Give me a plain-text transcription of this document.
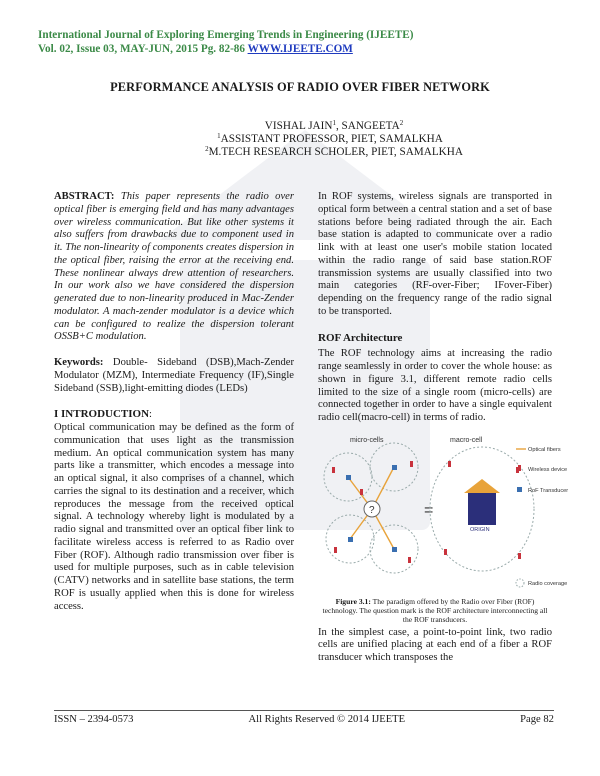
International Journal of Exploring Emerging Trends in Engineering (IJEETE)
Vol. 02, Issue 03, MAY-JUN, 2015 Pg. 82-86 WWW.IJEETE.COM
PERFORMANCE ANALYSIS OF RADIO OVER FIBER NETWORK
VISHAL JAIN$^1$, SANGEETA$^2$
$^1$ASSISTANT PROFESSOR, PIET, SAMALKHA
$^2$M.TECH RESEARCH SCHOLER, PIET, SAMALKHA

ABSTRACT: This paper represents the radio over optical fiber is emerging field and has many advantages over wireless communication. But like other systems it also suffers from drawbacks due to component used in it. The non-linearity of components creates dispersion in the optical fiber, raising the error at the receiving end. These nonlinear always drew attention of researchers. In our work also we have considered the dispersion generated due to non-linearity produced in Mac-Zender modulator. A mach-zender modulator is a device which can be configured to realize the dispersion tolerant OSSB+C modulation.

Keywords: Double- Sideband (DSB),Mach-Zender Modulator (MZM), Intermediate Frequency (IF),Single Sideband (SSB),light-emitting diodes (LEDs)

I INTRODUCTION:

Optical communication may be defined as the form of communication that uses light as the transmission medium. An optical communication system has many parts like a transmitter, which encodes a message into an optical signal, it also comprises of a channel, which carries the signal to its destination and a receiver, which reproduces the message from the received optical signal. A technology whereby light is modulated by a radio signal and transmitted over an optical fiber link to facilitate wireless access is referred to as Radio over Fiber (ROF). Although radio transmission over fiber is used for multiple purposes, such as in cable television (CATV) networks and in satellite base stations, the term ROF is usually applied when this is done for wireless access.

In ROF systems, wireless signals are transported in optical form between a central station and a set of base stations before being radiated through the air. Each base station is adapted to communicate over a radio link with at least one user's mobile station located within the radio range of said base station.ROF transmission systems are usually classified into two main categories (RF-over-Fiber; IFover-Fiber) depending on the frequency range of the radio signal to be transported.

ROF Architecture

The ROF technology aims at increasing the radio range seamlessly in order to cover the whole house: as shown in figure 3.1, different remote radio cells limited to the size of a single room (micro-cells) are connected together in order to have a single equivalent radio cell(macro-cell) in terms of radio.

micro-cells	macro-cell
?	=
ORIGIN
Optical fibers
Wireless device
RoF Transducer
Radio coverage
Figure 3.1: The paradigm offered by the Radio over Fiber (ROF) technology. The question mark is the ROF architecture interconnecting all the ROF transducers.

In the simplest case, a point-to-point link, two radio cells are unified placing at each end of a fiber a ROF transducer which transposes the

ISSN – 2394-0573	All Rights Reserved © 2014 IJEETE	Page 82
